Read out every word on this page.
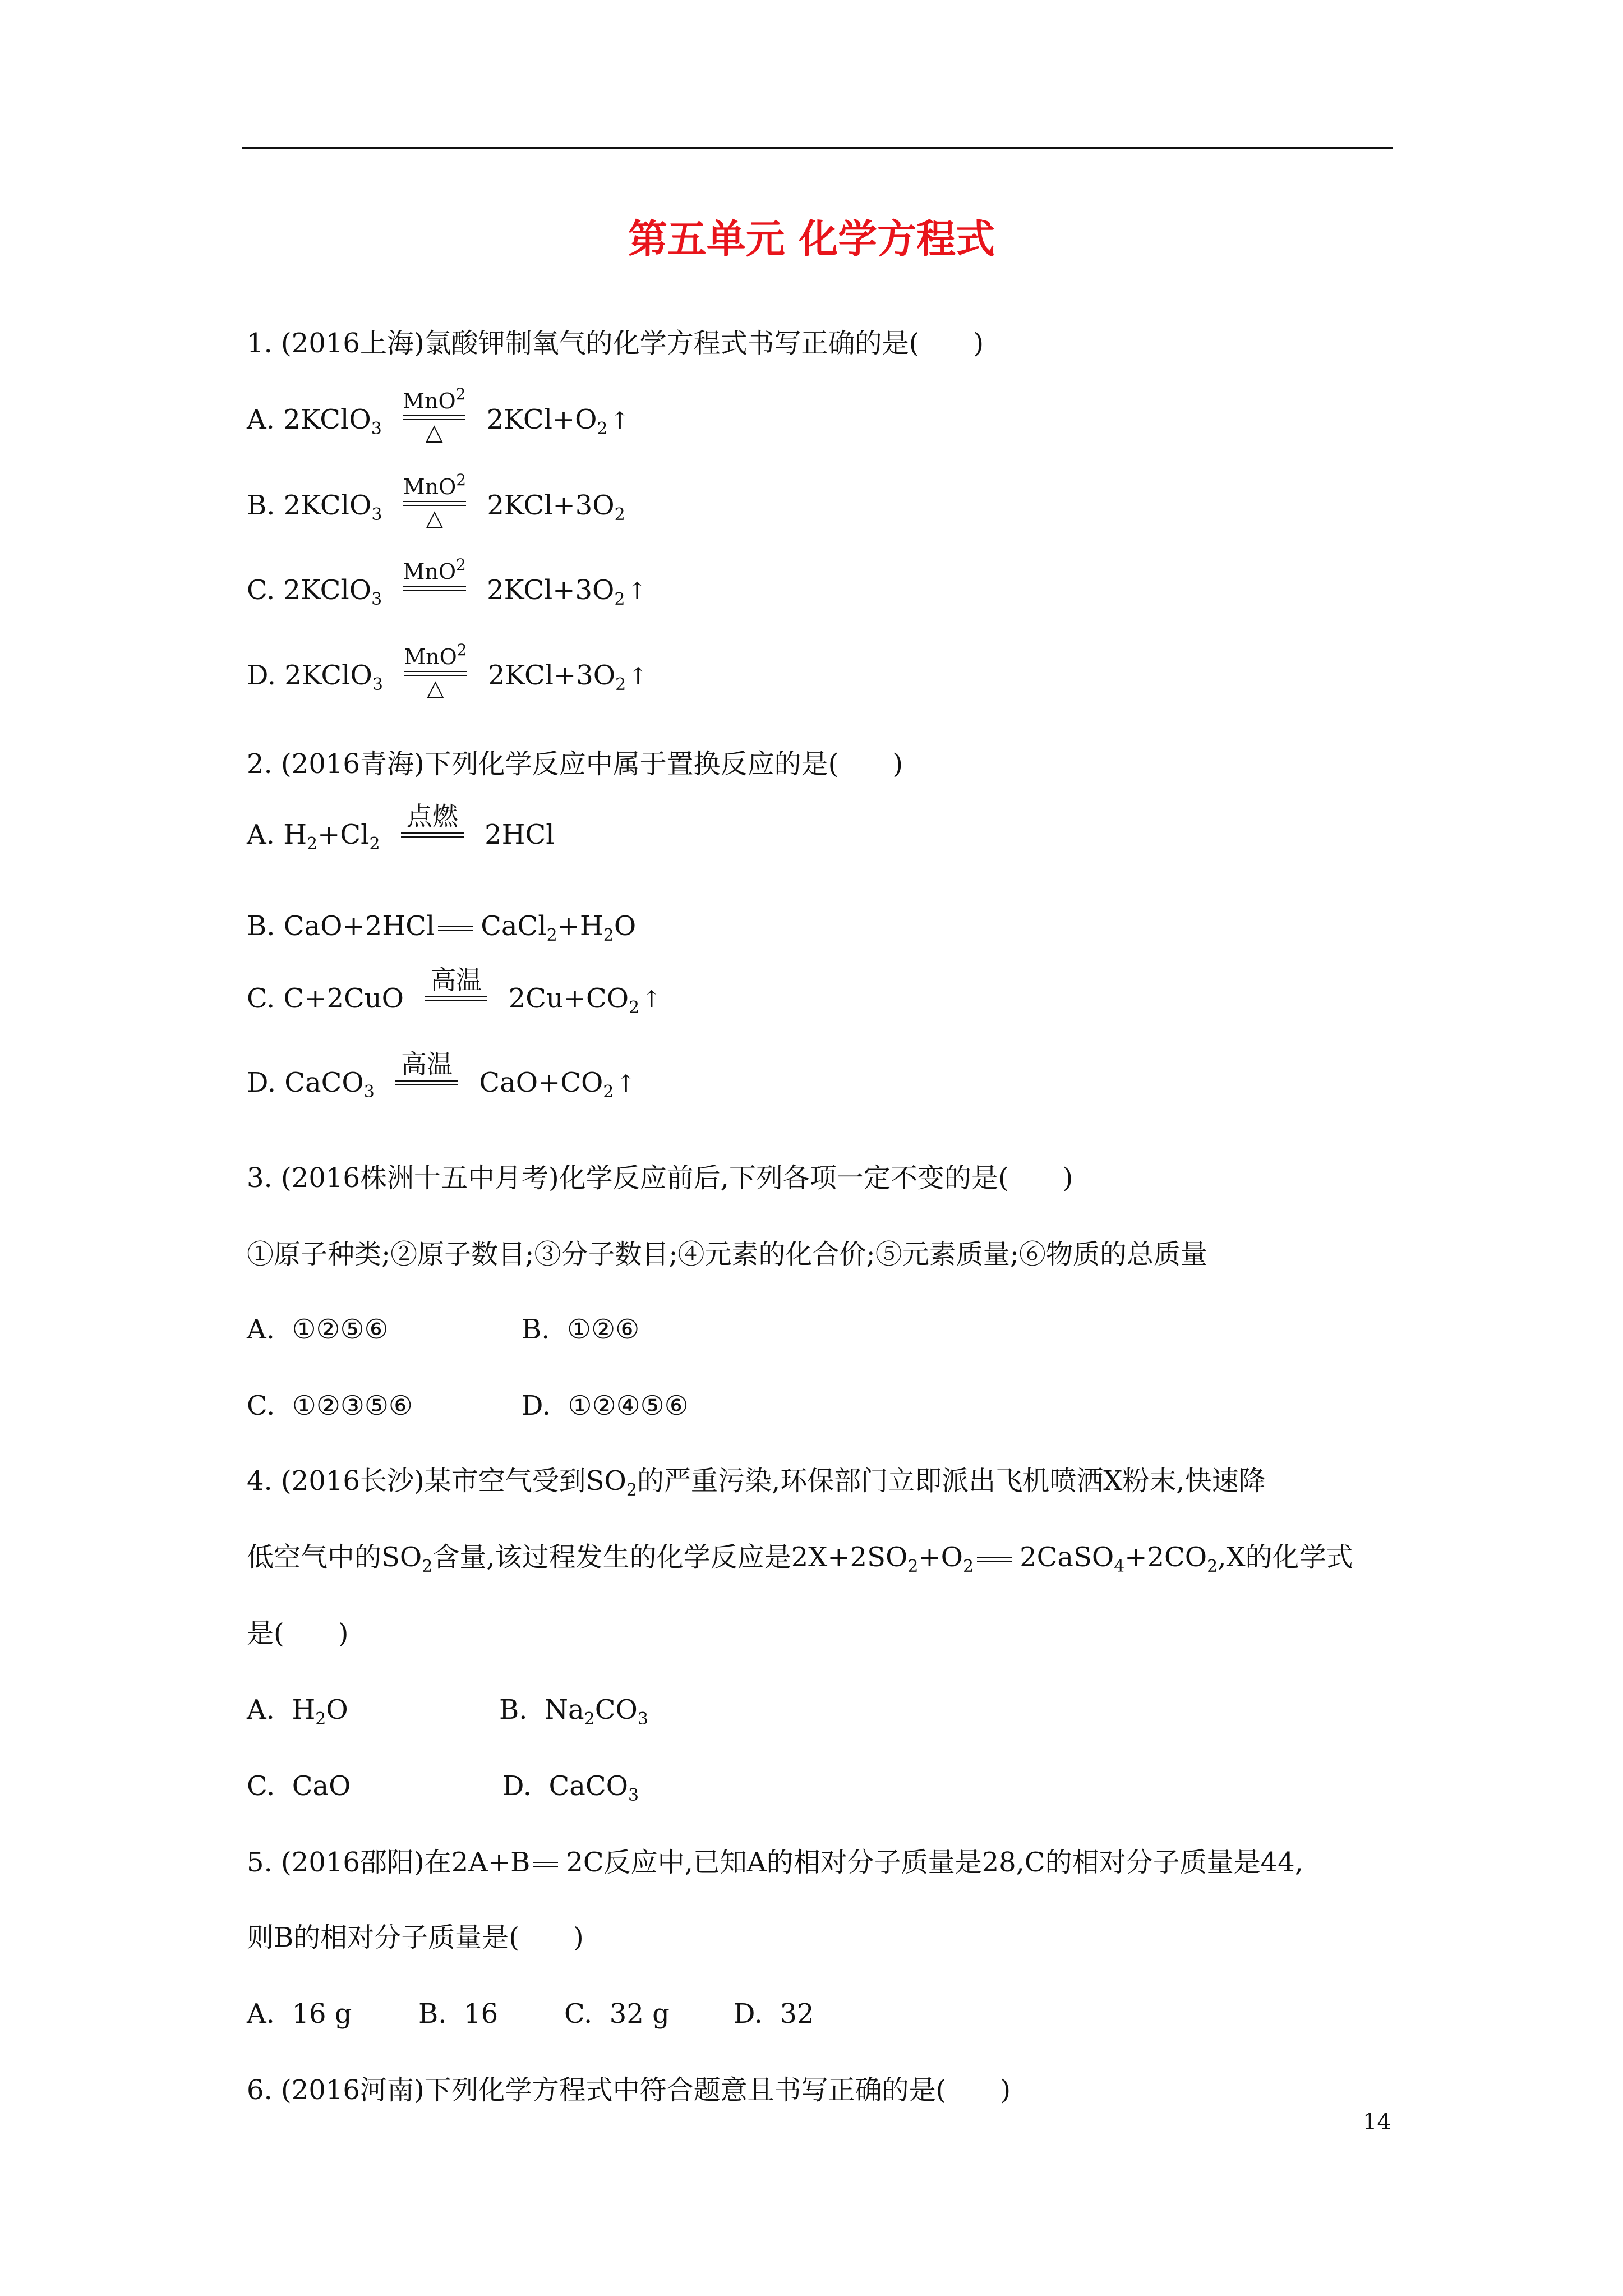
第五单元 化学方程式
1. (2016上海)氯酸钾制氧气的化学方程式书写正确的是(　　)
A. 2KClO$_3$
MnO$^2$
△	$2KCl+O_2↑$
B. 2KClO$_3$
MnO$^2$
△	$2KCl+3O_2$
C. 2KClO$_3$
MnO$^2$

$2KCl+3O_2↑$
D. 2KClO$_3$
MnO$^2$
△	$2KCl+3O_2↑$
2. (2016青海)下列化学反应中属于置换反应的是(　　)
A. $H_2+Cl_2$
点燃

2HCl
B. CaO+2HCl $CaCl_2+H_2O$
C. C+2CuO
高温

$2Cu+CO_2↑$
D. CaCO$_3$
高温

$CaO+CO_2↑$
3. (2016株洲十五中月考)化学反应前后,下列各项一定不变的是(　　)
①原子种类;②原子数目;③分子数目;④元素的化合价;⑤元素质量;⑥物质的总质量
A. ①②⑤⑥	B. ①②⑥
C. ①②③⑤⑥	D. ①②④⑤⑥
4. (2016长沙)某市空气受到$SO_2$的严重污染,环保部门立即派出飞机喷洒X粉末,快速降
低空气中的$SO_2$含量,该过程发生的化学反应是$2X+2SO_2+O_2$ $2CaSO_4+2CO_2,X$的化学式
是(　　)
A. $H_2O$	B. $Na_2CO_3$
C. CaO	D. CaCO$_3$
5. (2016邵阳)在2A+B 2C反应中,已知A的相对分子质量是28,C的相对分子质量是44,
则B的相对分子质量是(　　)
A. 16 g B. 16 C. 32 g D. 32
6. (2016河南)下列化学方程式中符合题意且书写正确的是(　　)
14
